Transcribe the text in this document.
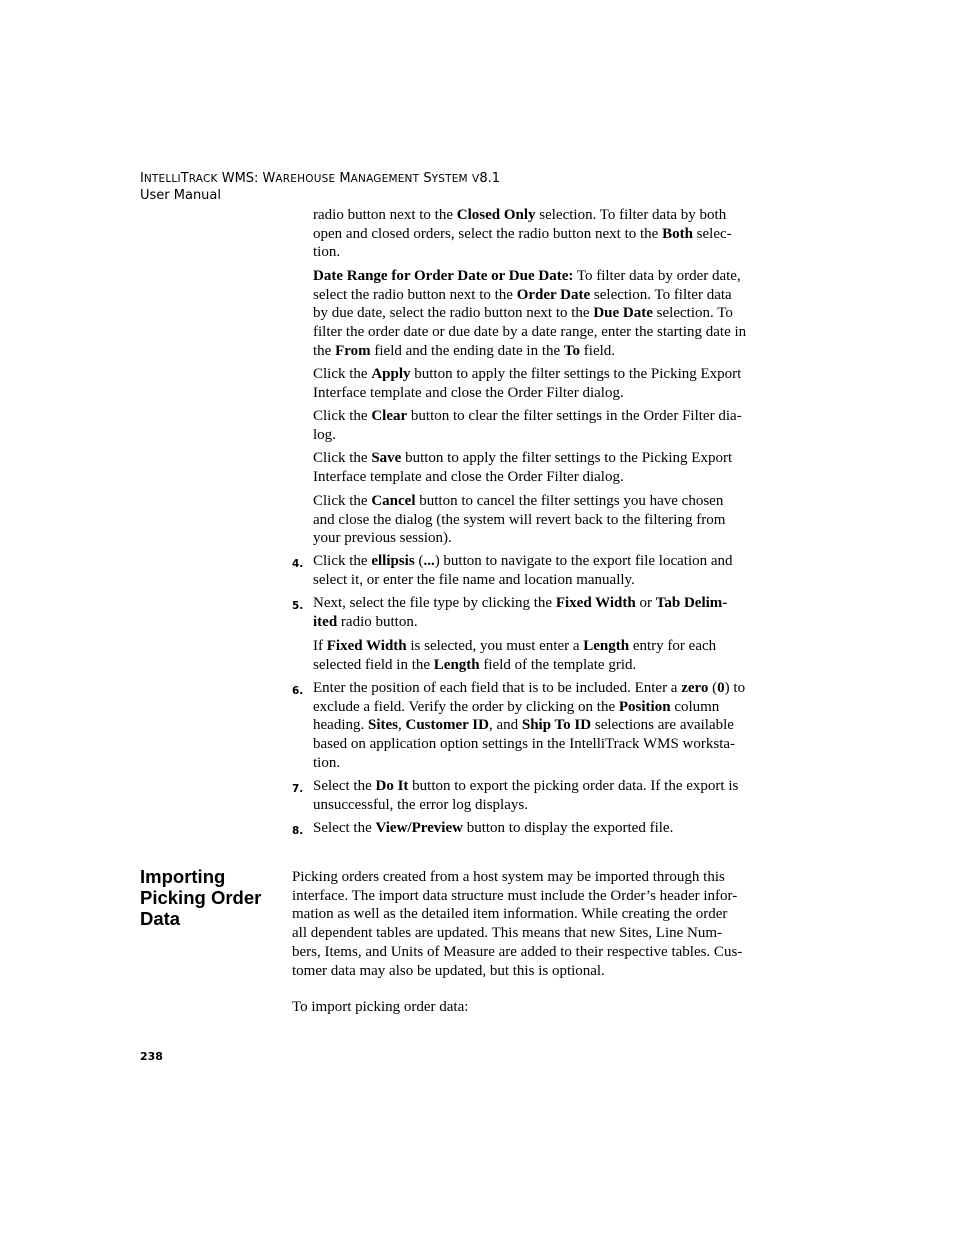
INTELLITRACK WMS: WAREHOUSE MANAGEMENT SYSTEM V8.1
User Manual
radio button next to the Closed Only selection. To filter data by both
open and closed orders, select the radio button next to the Both selec-
tion.
Date Range for Order Date or Due Date: To filter data by order date,
select the radio button next to the Order Date selection. To filter data
by due date, select the radio button next to the Due Date selection. To
filter the order date or due date by a date range, enter the starting date in
the From field and the ending date in the To field.
Click the Apply button to apply the filter settings to the Picking Export
Interface template and close the Order Filter dialog.
Click the Clear button to clear the filter settings in the Order Filter dia-
log.
Click the Save button to apply the filter settings to the Picking Export
Interface template and close the Order Filter dialog.
Click the Cancel button to cancel the filter settings you have chosen
and close the dialog (the system will revert back to the filtering from
your previous session).
4. Click the ellipsis (...) button to navigate to the export file location and
select it, or enter the file name and location manually.
5. Next, select the file type by clicking the Fixed Width or Tab Delim-
ited radio button.
If Fixed Width is selected, you must enter a Length entry for each
selected field in the Length field of the template grid.
6. Enter the position of each field that is to be included. Enter a zero (0) to
exclude a field. Verify the order by clicking on the Position column
heading. Sites, Customer ID, and Ship To ID selections are available
based on application option settings in the IntelliTrack WMS worksta-
tion.
7. Select the Do It button to export the picking order data. If the export is
unsuccessful, the error log displays.
8. Select the View/Preview button to display the exported file.
Importing
Picking Order
Data
Picking orders created from a host system may be imported through this
interface. The import data structure must include the Order’s header infor-
mation as well as the detailed item information. While creating the order
all dependent tables are updated. This means that new Sites, Line Num-
bers, Items, and Units of Measure are added to their respective tables. Cus-
tomer data may also be updated, but this is optional.
To import picking order data:
238
